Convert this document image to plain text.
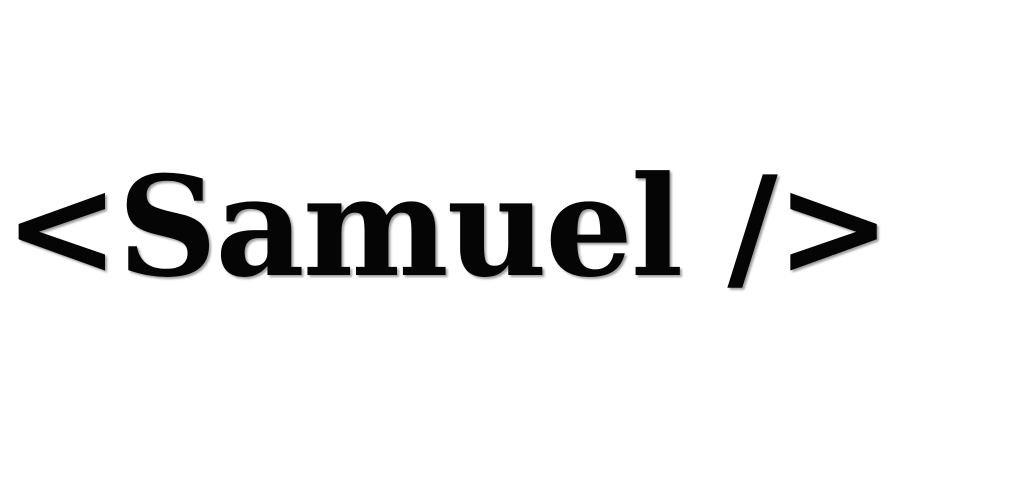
<Samuel />
